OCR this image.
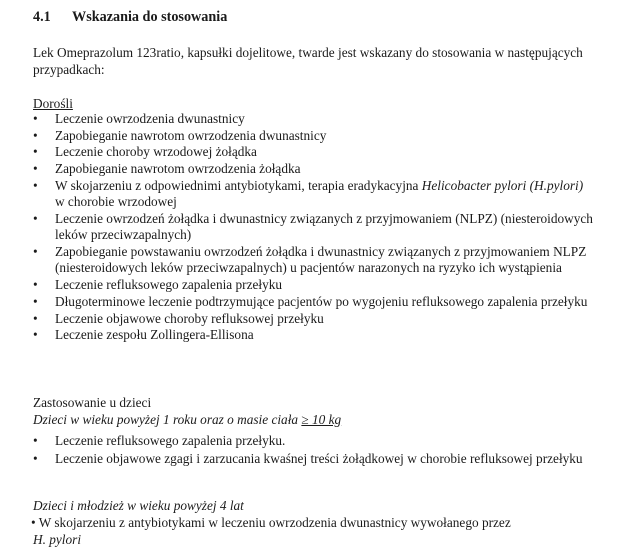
4.1 Wskazania do stosowania
Lek Omeprazolum 123ratio, kapsułki dojelitowe, twarde jest wskazany do stosowania w następujących przypadkach:
Dorośli
•	Leczenie owrzodzenia dwunastnicy
•	Zapobieganie nawrotom owrzodzenia dwunastnicy
•	Leczenie choroby wrzodowej żołądka
•	Zapobieganie nawrotom owrzodzenia żołądka
•	W skojarzeniu z odpowiednimi antybiotykami, terapia eradykacyjna Helicobacter pylori (H.pylori) w chorobie wrzodowej
•	Leczenie owrzodzeń żołądka i dwunastnicy związanych z przyjmowaniem (NLPZ) (niesteroidowych leków przeciwzapalnych)
•	Zapobieganie powstawaniu owrzodzeń żołądka i dwunastnicy związanych z przyjmowaniem NLPZ (niesteroidowych leków przeciwzapalnych) u pacjentów narazonych na ryzyko ich wystąpienia
•	Leczenie refluksowego zapalenia przełyku
•	Długoterminowe leczenie podtrzymujące pacjentów po wygojeniu refluksowego zapalenia przełyku
•	Leczenie objawowe choroby refluksowej przełyku
•	Leczenie zespołu Zollingera-Ellisona
Zastosowanie u dzieci
Dzieci w wieku powyżej 1 roku oraz o masie ciała ≥ 10 kg
•	Leczenie refluksowego zapalenia przełyku.
•	Leczenie objawowe zgagi i zarzucania kwaśnej treści żołądkowej w chorobie refluksowej przełyku
Dzieci i młodzież w wieku powyżej 4 lat
• W skojarzeniu z antybiotykami w leczeniu owrzodzenia dwunastnicy wywołanego przez
H. pylori
